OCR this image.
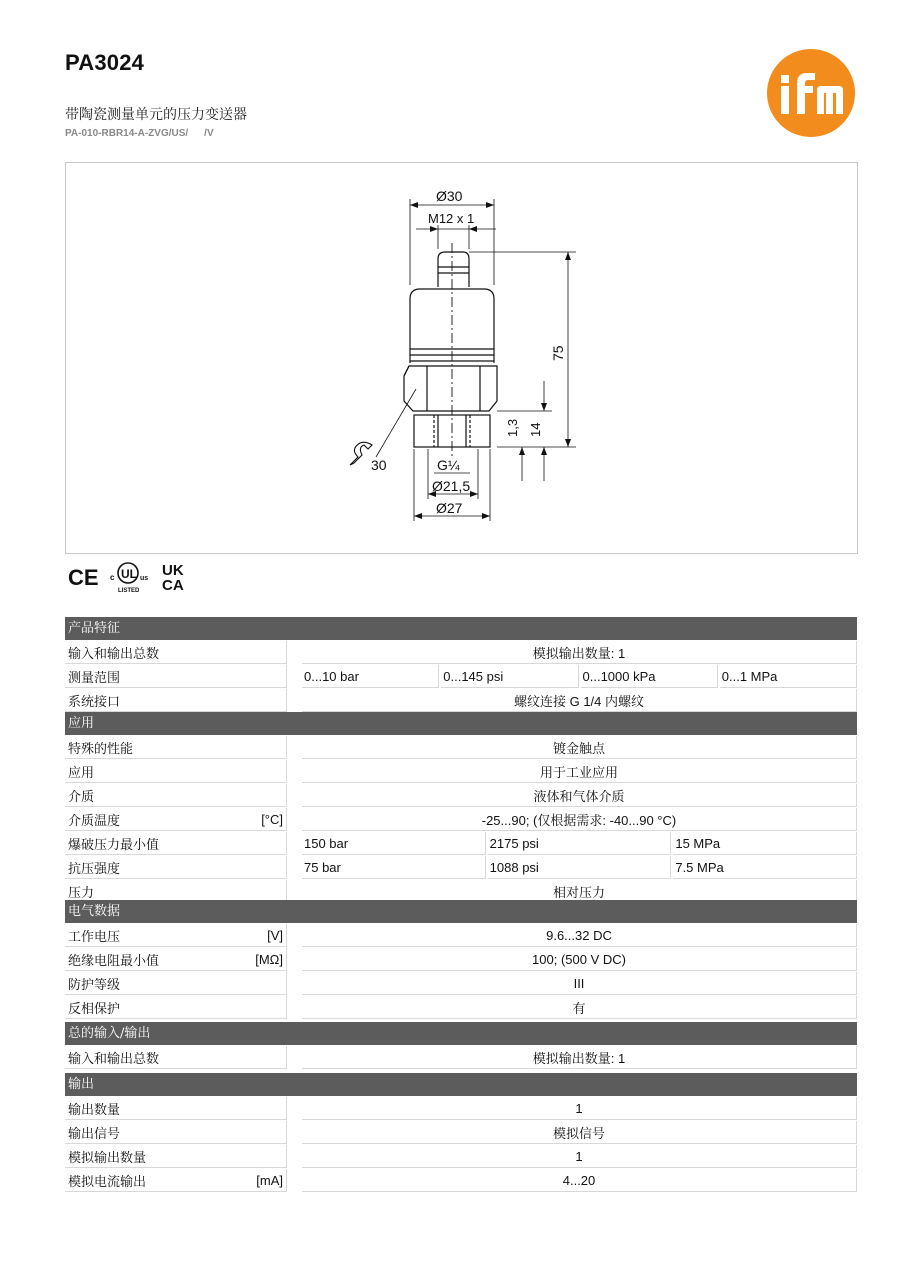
PA3024
带陶瓷测量单元的压力变送器
PA-010-RBR14-A-ZVG/US/ /V
Ø30
M12 x 1
75
1,3 14
30	G¼
Ø21,5
Ø27
CE c UL us
LISTED
UK
CA
产品特征
输入和输出总数	模拟输出数量: 1
测量范围	0...10 bar	0...145 psi	0...1000 kPa	0...1 MPa
系统接口	螺纹连接 G 1/4 内螺纹
应用
特殊的性能	镀金触点
应用	用于工业应用
介质	液体和气体介质
介质温度	[°C]	-25...90; (仅根据需求: -40...90 °C)
爆破压力最小值	150 bar	2175 psi	15 MPa
抗压强度	75 bar	1088 psi	7.5 MPa
压力	相对压力
电气数据
工作电压	[V]	9.6...32 DC
绝缘电阻最小值	[MΩ]	100; (500 V DC)
防护等级	III
反相保护	有
总的输入/输出
输入和输出总数	模拟输出数量: 1
输出
输出数量	1
输出信号	模拟信号
模拟输出数量	1
模拟电流输出	[mA]	4...20
